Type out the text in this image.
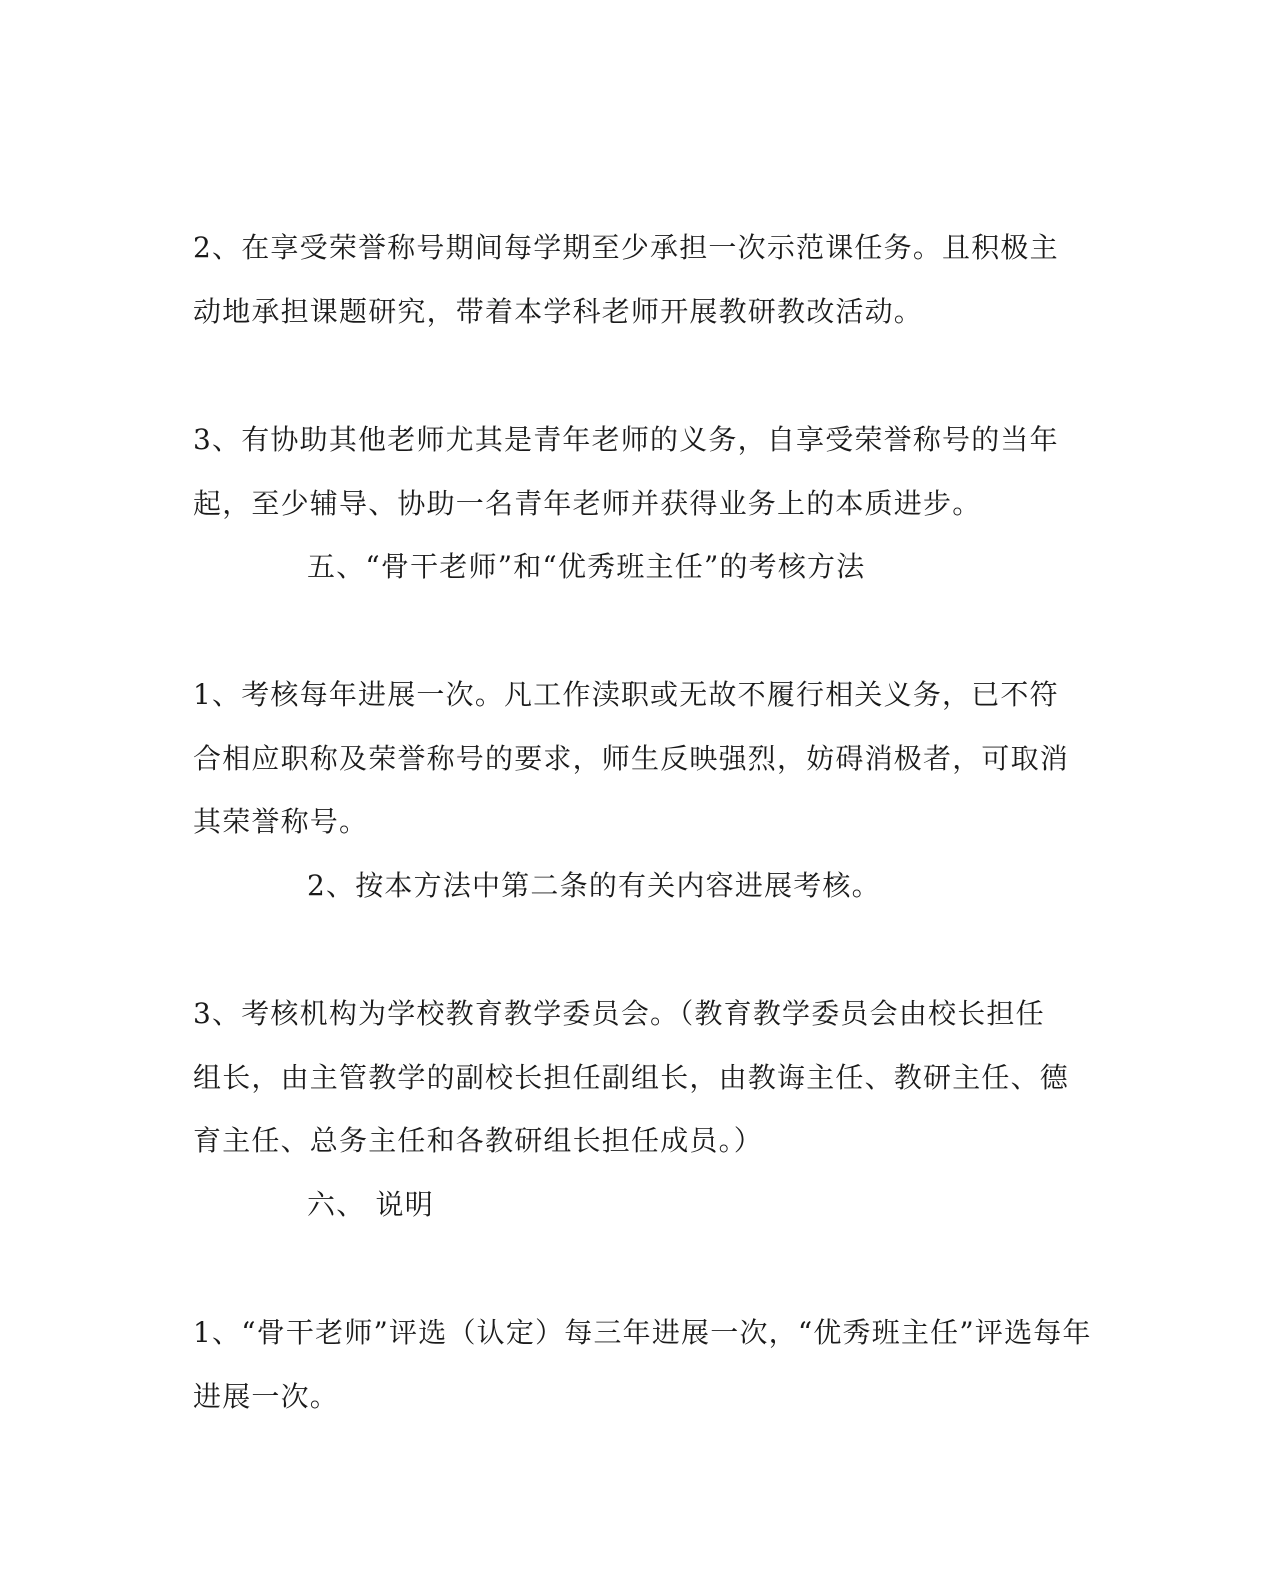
2、在享受荣誉称号期间每学期至少承担一次示范课任务。且积极主
动地承担课题研究，带着本学科老师开展教研教改活动。
3、有协助其他老师尤其是青年老师的义务，自享受荣誉称号的当年
起，至少辅导、协助一名青年老师并获得业务上的本质进步。
五、“骨干老师”和“优秀班主任”的考核方法
1、考核每年进展一次。凡工作渎职或无故不履行相关义务，已不符
合相应职称及荣誉称号的要求，师生反映强烈，妨碍消极者，可取消
其荣誉称号。
2、按本方法中第二条的有关内容进展考核。
3、考核机构为学校教育教学委员会。（教育教学委员会由校长担任
组长，由主管教学的副校长担任副组长，由教诲主任、教研主任、德
育主任、总务主任和各教研组长担任成员。）
六、 说明
1、“骨干老师”评选（认定）每三年进展一次，“优秀班主任”评选每年
进展一次。
